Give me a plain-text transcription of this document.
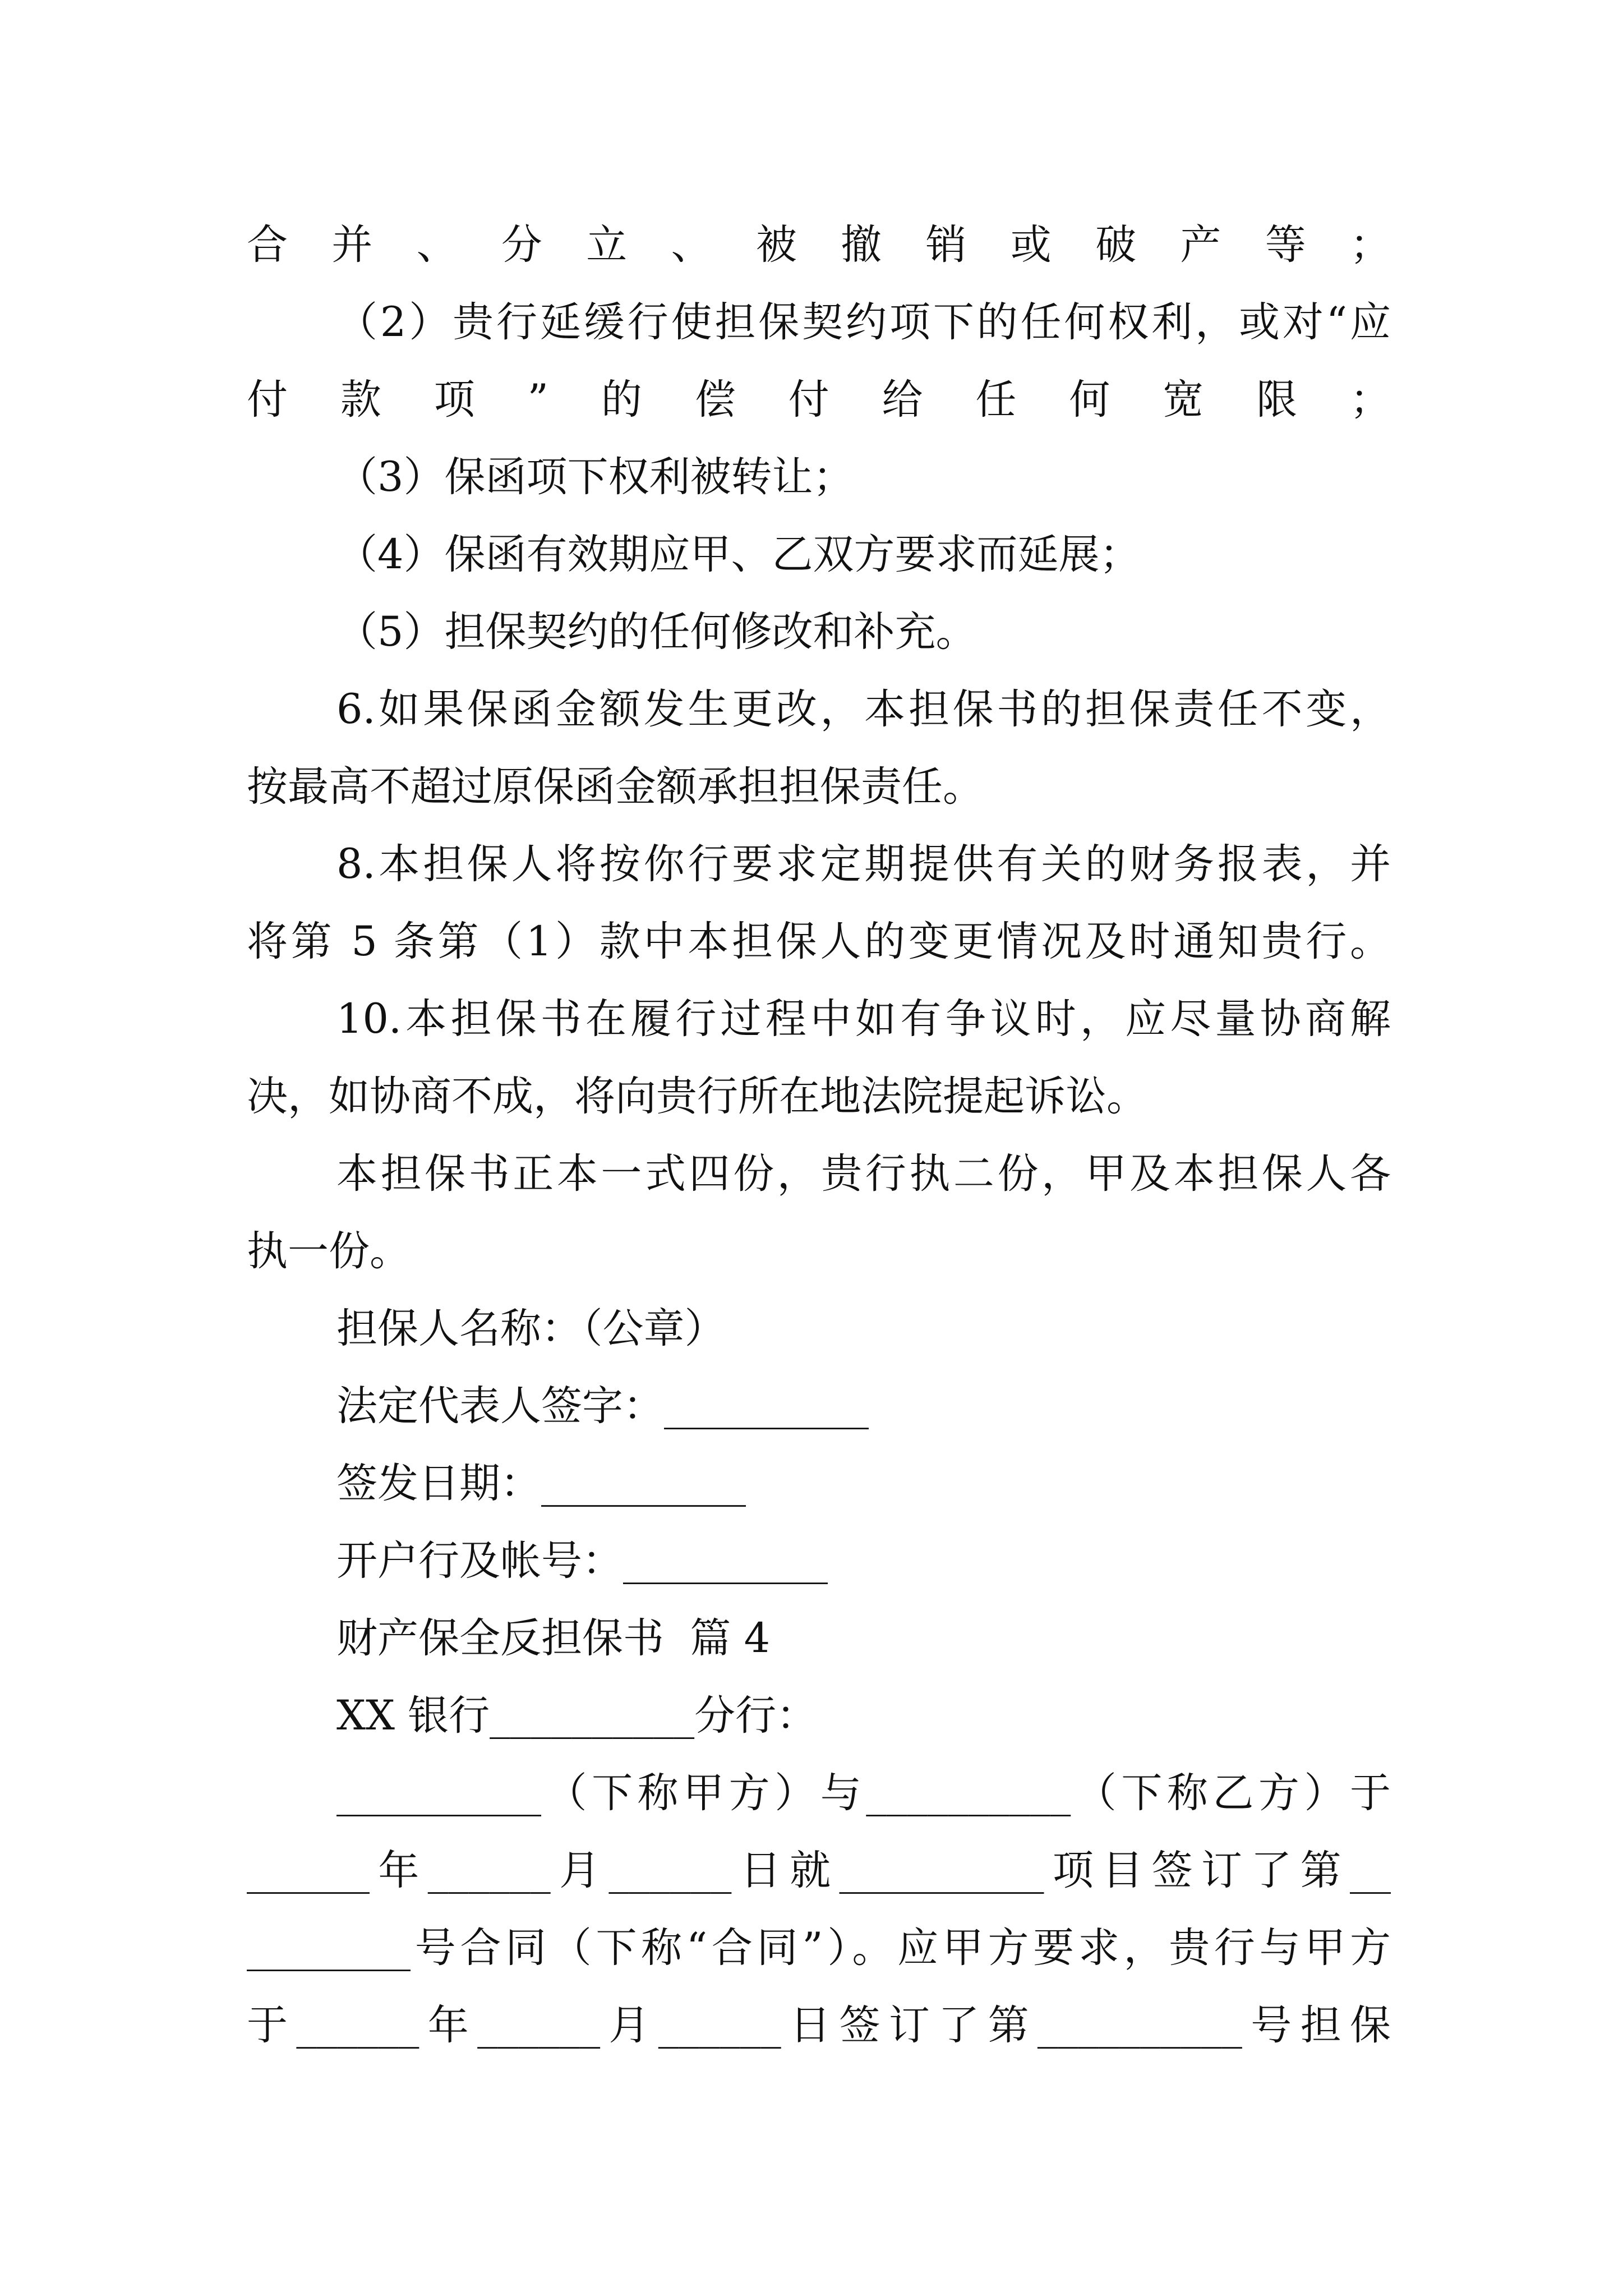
合并、分立、被撤销或破产等；
（2）贵行延缓行使担保契约项下的任何权利，或对“应
付款项”的偿付给任何宽限；
（3）保函项下权利被转让；
（4）保函有效期应甲、乙双方要求而延展；
（5）担保契约的任何修改和补充。
6.如果保函金额发生更改，本担保书的担保责任不变，
按最高不超过原保函金额承担担保责任。
8.本担保人将按你行要求定期提供有关的财务报表，并
将第 5 条第（1）款中本担保人的变更情况及时通知贵行。
10.本担保书在履行过程中如有争议时，应尽量协商解
决，如协商不成，将向贵行所在地法院提起诉讼。
本担保书正本一式四份，贵行执二份，甲及本担保人各
执一份。
担保人名称：（公章）
法定代表人签字：__________
签发日期：__________
开户行及帐号：__________
财产保全反担保书  篇 4
XX 银行__________分行：
__________（下称甲方）与__________（下称乙方）于
______年______月______日就__________项目签订了第__
________号合同（下称“合同”）。应甲方要求，贵行与甲方
于______年______月______日签订了第__________号担保
